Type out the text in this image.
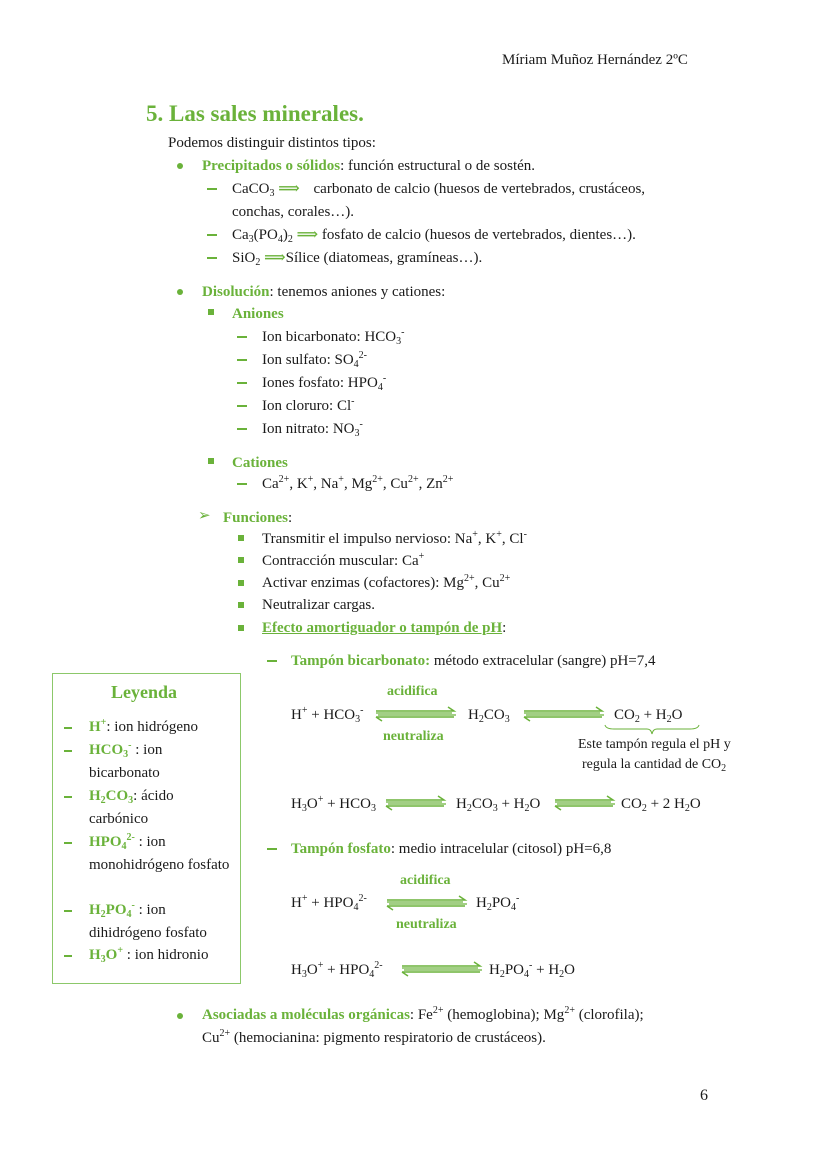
Míriam Muñoz Hernández 2ºC
5. Las sales minerales.
Podemos distinguir distintos tipos:
Precipitados o sólidos: función estructural o de sostén.
CaCO$_3$ ⟹ carbonato de calcio (huesos de vertebrados, crustáceos,
conchas, corales…).
$Ca_3(PO_4)_2$ ⟹ fosfato de calcio (huesos de vertebrados, dientes…).
SiO$_2$ ⟹Sílice (diatomeas, gramíneas…).
Disolución: tenemos aniones y cationes:
Aniones
Ion bicarbonato: $HCO_3^-$
Ion sulfato: $SO_4^{2-}$
Iones fosfato: $HPO_4^-$
Ion cloruro: Cl-
Ion nitrato: $NO_3^-$
Cationes
$Ca^{2+}$, K+, Na+, $Mg^{2+}$, $Cu^{2+}$, $Zn^{2+}$
➢ Funciones:
Transmitir el impulso nervioso: Na+, K+, Cl-
Contracción muscular: Ca+
Activar enzimas (cofactores): $Mg^{2+}$, $Cu^{2+}$
Neutralizar cargas.
Efecto amortiguador o tampón de pH:
Tampón bicarbonato: método extracelular (sangre) pH=7,4
acidifica
$H^+ + HCO_3^-$	$H_2CO_3$	$CO_2 + H_2O$
neutraliza
Este tampón regula el pH y
regula la cantidad de $CO_2$
$H_3O^+ + HCO_3$	$H_2CO_3 + H_2O$	$CO_2 + 2$ $H_2O$
Tampón fosfato: medio intracelular (citosol) pH=6,8
acidifica
$H^+ + HPO_4^{2-}$	$H_2PO_4^-$
neutraliza
$H_3O^+ + HPO_4^{2-}$	$H_2PO_4^- + H_2O$
Leyenda
H+: ion hidrógeno
$HCO_3^-$ : ion bicarbonato
$H_2CO_3$: ácido carbónico
$HPO_4^{2-}$ : ion monohidrógeno fosfato
$H_2PO_4^-$ : ion dihidrógeno fosfato
$H_3O^+$ : ion hidronio
Asociadas a moléculas orgánicas: $Fe^{2+}$ (hemoglobina); $Mg^{2+}$ (clorofila);
$Cu^{2+}$ (hemocianina: pigmento respiratorio de crustáceos).
6
